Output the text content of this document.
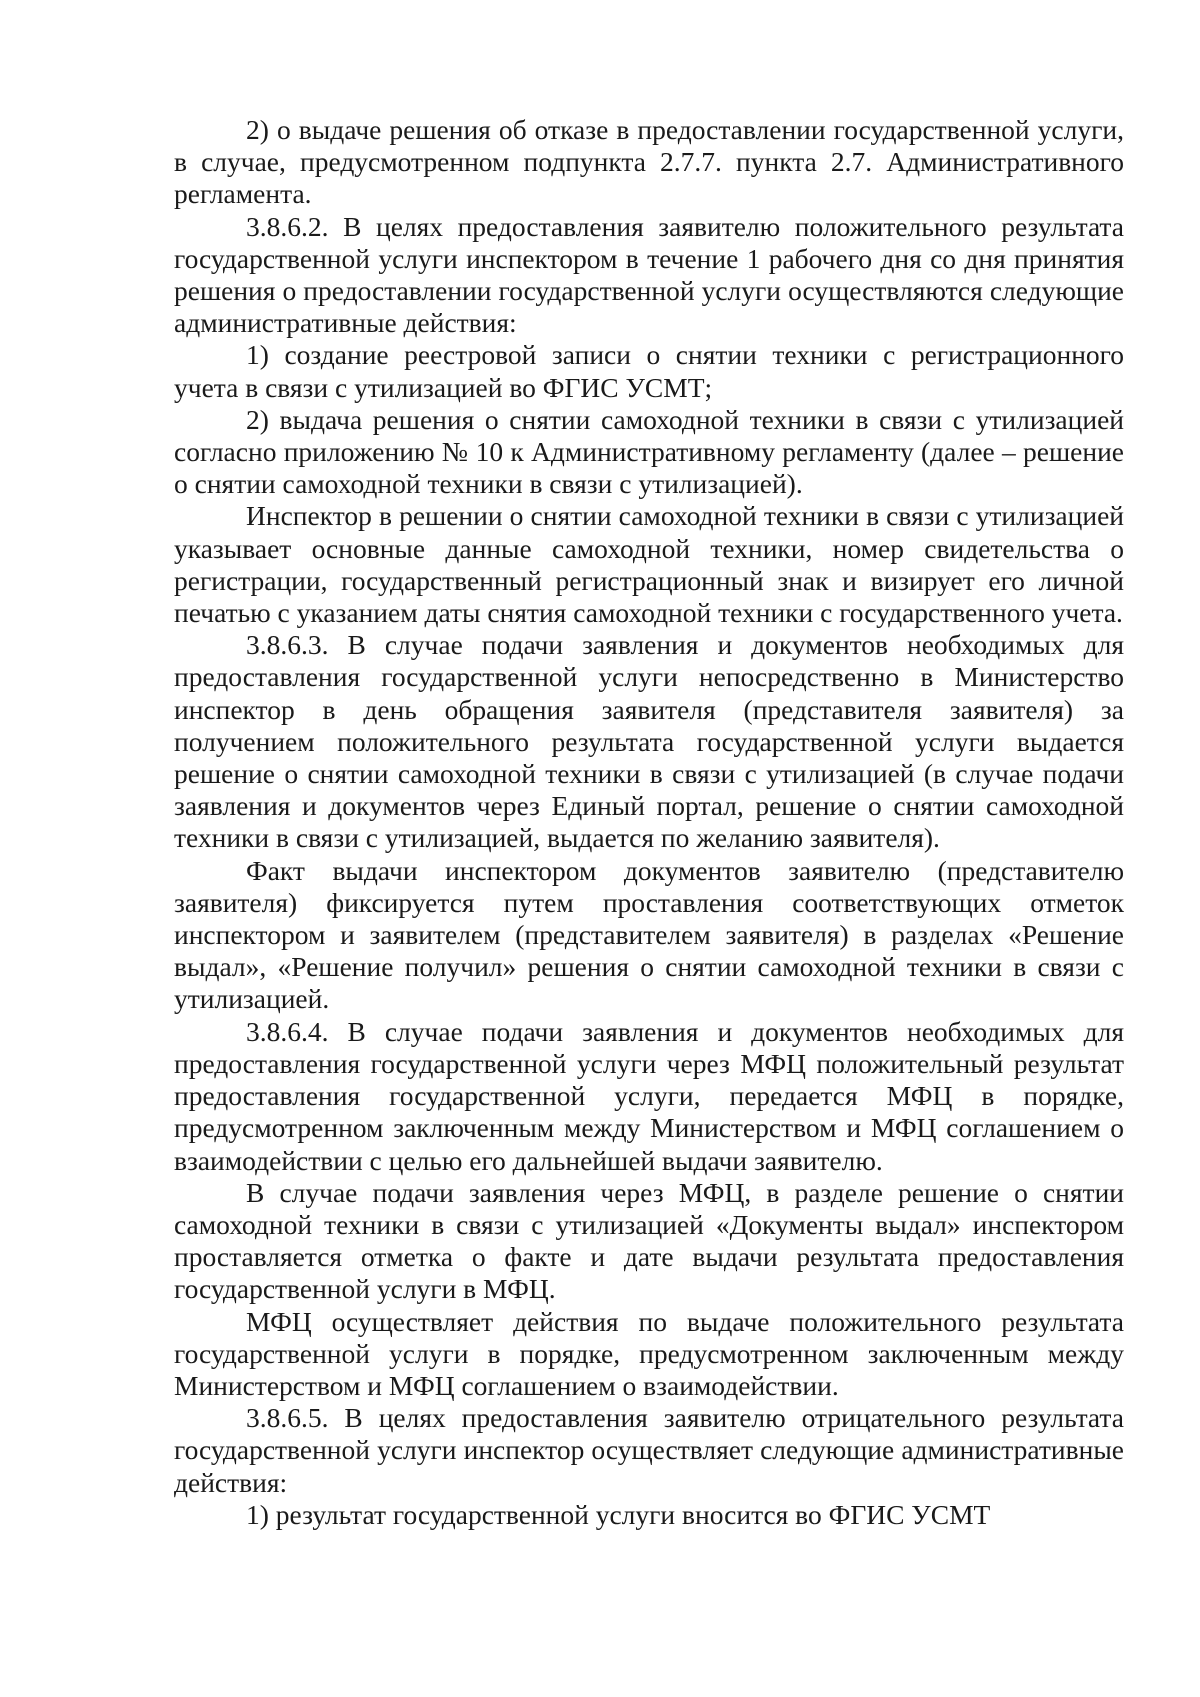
2) о выдаче решения об отказе в предоставлении государственной услуги, в случае, предусмотренном подпункта 2.7.7. пункта 2.7. Административного регламента.

3.8.6.2. В целях предоставления заявителю положительного результата государственной услуги инспектором в течение 1 рабочего дня со дня принятия решения о предоставлении государственной услуги осуществляются следующие административные действия:

1) создание реестровой записи о снятии техники с регистрационного учета в связи с утилизацией во ФГИС УСМТ;

2) выдача решения о снятии самоходной техники в связи с утилизацией согласно приложению № 10 к Административному регламенту (далее – решение о снятии самоходной техники в связи с утилизацией).

Инспектор в решении о снятии самоходной техники в связи с утилизацией указывает основные данные самоходной техники, номер свидетельства о регистрации, государственный регистрационный знак и визирует его личной печатью с указанием даты снятия самоходной техники с государственного учета.

3.8.6.3. В случае подачи заявления и документов необходимых для предоставления государственной услуги непосредственно в Министерство инспектор в день обращения заявителя (представителя заявителя) за получением положительного результата государственной услуги выдается решение о снятии самоходной техники в связи с утилизацией (в случае подачи заявления и документов через Единый портал, решение о снятии самоходной техники в связи с утилизацией, выдается по желанию заявителя).

Факт выдачи инспектором документов заявителю (представителю заявителя) фиксируется путем проставления соответствующих отметок инспектором и заявителем (представителем заявителя) в разделах «Решение выдал», «Решение получил» решения о снятии самоходной техники в связи с утилизацией.

3.8.6.4. В случае подачи заявления и документов необходимых для предоставления государственной услуги через МФЦ положительный результат предоставления государственной услуги, передается МФЦ в порядке, предусмотренном заключенным между Министерством и МФЦ соглашением о взаимодействии с целью его дальнейшей выдачи заявителю.

В случае подачи заявления через МФЦ, в разделе решение о снятии самоходной техники в связи с утилизацией «Документы выдал» инспектором проставляется отметка о факте и дате выдачи результата предоставления государственной услуги в МФЦ.

МФЦ осуществляет действия по выдаче положительного результата государственной услуги в порядке, предусмотренном заключенным между Министерством и МФЦ соглашением о взаимодействии.

3.8.6.5. В целях предоставления заявителю отрицательного результата государственной услуги инспектор осуществляет следующие административные действия:

1) результат государственной услуги вносится во ФГИС УСМТ
